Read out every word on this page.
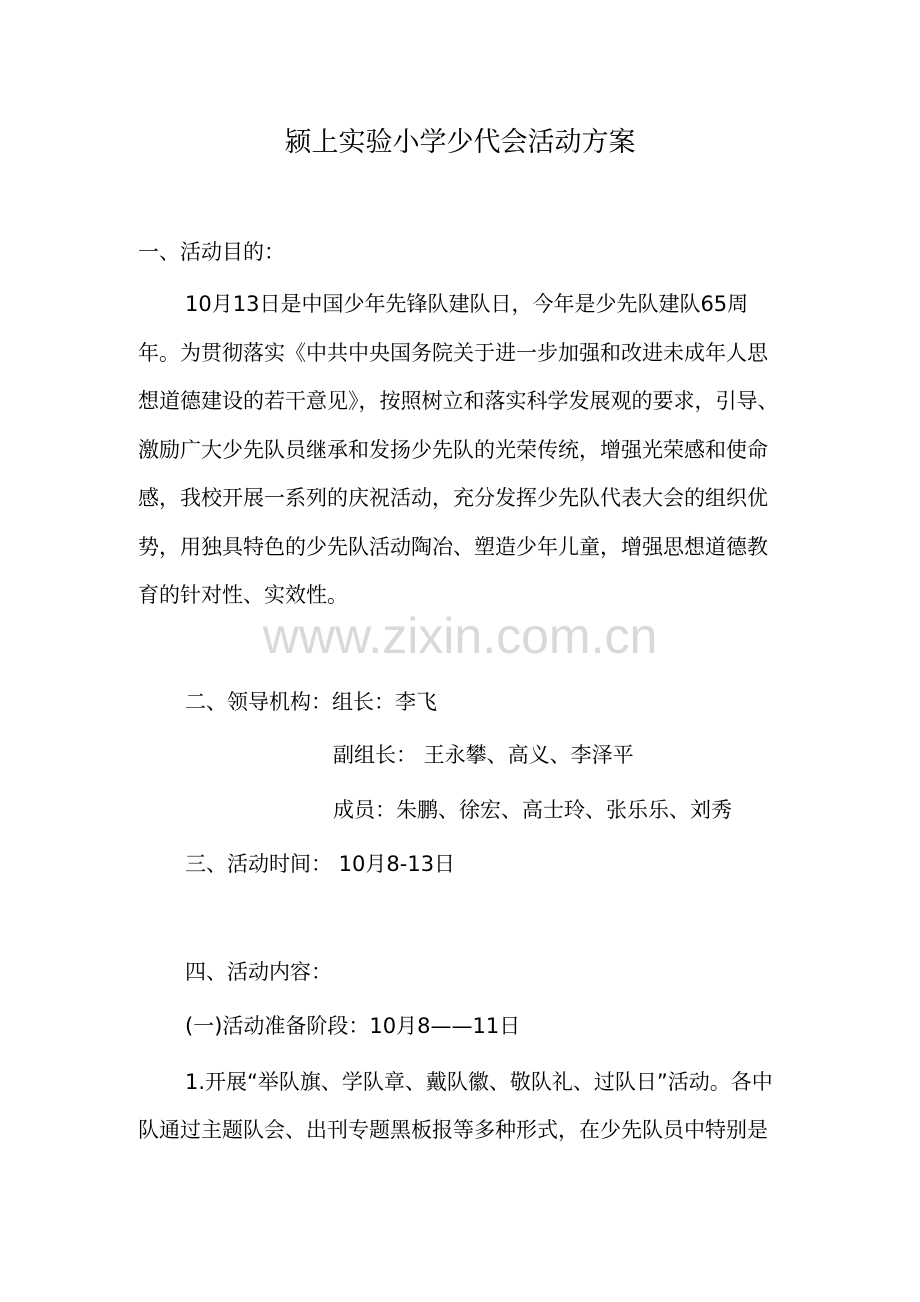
颍上实验小学少代会活动方案
一、活动目的：
10月13日是中国少年先锋队建队日，今年是少先队建队65周
年。为贯彻落实《中共中央国务院关于进一步加强和改进未成年人思
想道德建设的若干意见》，按照树立和落实科学发展观的要求，引导、
激励广大少先队员继承和发扬少先队的光荣传统，增强光荣感和使命
感，我校开展一系列的庆祝活动，充分发挥少先队代表大会的组织优
势，用独具特色的少先队活动陶冶、塑造少年儿童，增强思想道德教
育的针对性、实效性。
www.zixin.com.cn
二、领导机构：组长：李飞
副组长： 王永攀、高义、李泽平
成员：朱鹏、徐宏、高士玲、张乐乐、刘秀
三、活动时间： 10月8-13日
四、活动内容：
(一)活动准备阶段：10月8——11日
1.开展“举队旗、学队章、戴队徽、敬队礼、过队日”活动。各中
队通过主题队会、出刊专题黑板报等多种形式，在少先队员中特别是
